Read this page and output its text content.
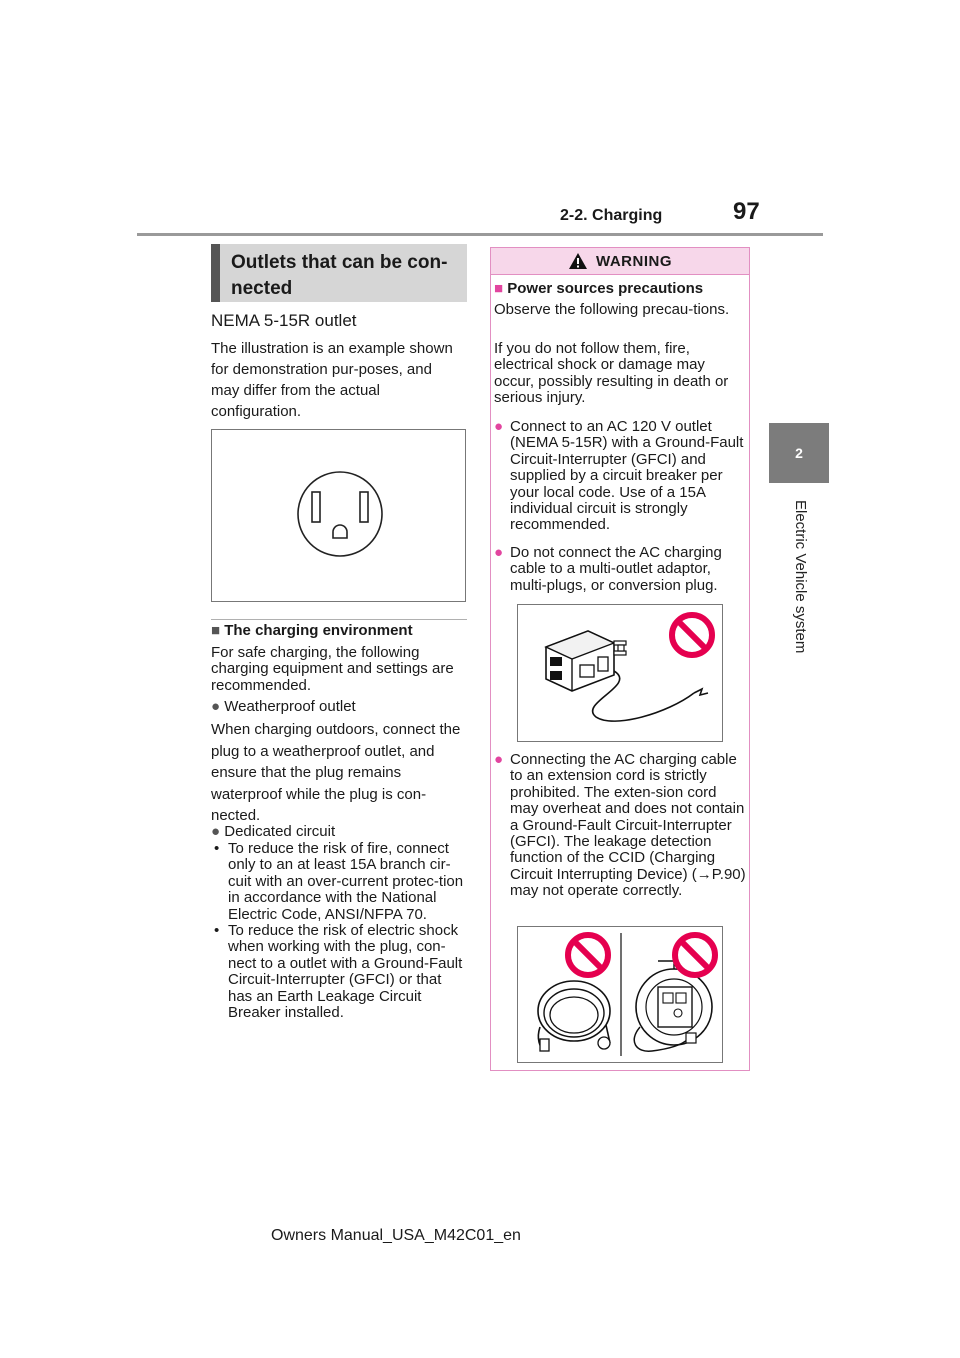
2-2. Charging	97
2
Electric Vehicle system
Outlets that can be con-
nected
NEMA 5-15R outlet
The illustration is an example shown for demonstration pur-poses, and may differ from the actual configuration.
■ The charging environment
For safe charging, the following charging equipment and settings are recommended.
● Weatherproof outlet
When charging outdoors, connect the plug to a weatherproof outlet, and ensure that the plug remains waterproof while the plug is con-nected.
● Dedicated circuit
• To reduce the risk of fire, connect only to an at least 15A branch cir-cuit with an over-current protec-tion in accordance with the National Electric Code, ANSI/NFPA 70.
• To reduce the risk of electric shock when working with the plug, con-nect to a outlet with a Ground-Fault Circuit-Interrupter (GFCI) or that has an Earth Leakage Circuit Breaker installed.
WARNING
■ Power sources precautions
Observe the following precau-tions.
If you do not follow them, fire, electrical shock or damage may occur, possibly resulting in death or serious injury.
● Connect to an AC 120 V outlet (NEMA 5-15R) with a Ground-Fault Circuit-Interrupter (GFCI) and supplied by a circuit breaker per your local code. Use of a 15A individual circuit is strongly recommended.
● Do not connect the AC charging cable to a multi-outlet adaptor, multi-plugs, or conversion plug.
● Connecting the AC charging cable to an extension cord is strictly prohibited. The exten-sion cord may overheat and does not contain a Ground-Fault Circuit-Interrupter (GFCI). The leakage detection function of the CCID (Charging Circuit Interrupting Device) (→P.90) may not operate correctly.
Owners Manual_USA_M42C01_en
